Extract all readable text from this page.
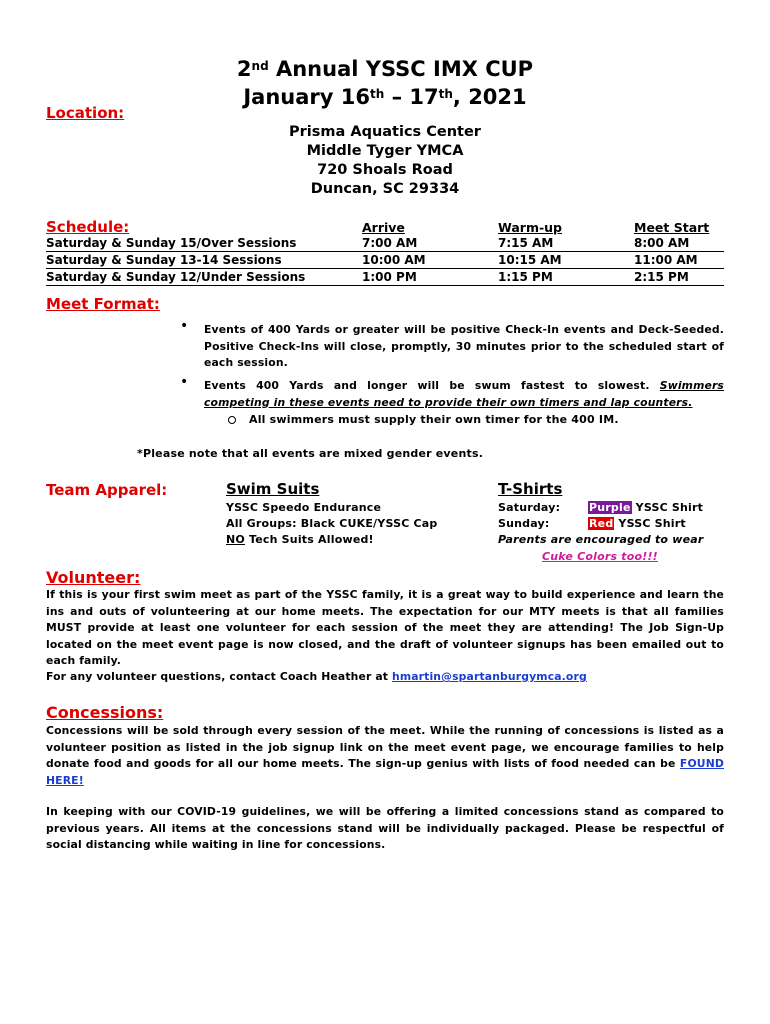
2nd Annual YSSC IMX CUP
January 16th – 17th, 2021
Location:
Prisma Aquatics Center
Middle Tyger YMCA
720 Shoals Road
Duncan, SC 29334
Schedule:	Arrive	Warm-up	Meet Start
Saturday & Sunday 15/Over Sessions	7:00 AM	7:15 AM	8:00 AM
Saturday & Sunday 13-14 Sessions	10:00 AM	10:15 AM	11:00 AM
Saturday & Sunday 12/Under Sessions	1:00 PM	1:15 PM	2:15 PM
Meet Format:
• Events of 400 Yards or greater will be positive Check-In events and Deck-Seeded. Positive Check-Ins will close, promptly, 30 minutes prior to the scheduled start of each session.
• Events 400 Yards and longer will be swum fastest to slowest. Swimmers competing in these events need to provide their own timers and lap counters.
All swimmers must supply their own timer for the 400 IM.
*Please note that all events are mixed gender events.
Team Apparel:	Swim Suits
YSSC Speedo Endurance
All Groups: Black CUKE/YSSC Cap
NO Tech Suits Allowed!
T-Shirts
Saturday:	Purple YSSC Shirt
Sunday:	Red YSSC Shirt
Parents are encouraged to wear
Cuke Colors too!!!
Volunteer:
If this is your first swim meet as part of the YSSC family, it is a great way to build experience and learn the ins and outs of volunteering at our home meets. The expectation for our MTY meets is that all families MUST provide at least one volunteer for each session of the meet they are attending! The Job Sign-Up located on the meet event page is now closed, and the draft of volunteer signups has been emailed out to each family.
For any volunteer questions, contact Coach Heather at hmartin@spartanburgymca.org
Concessions:
Concessions will be sold through every session of the meet. While the running of concessions is listed as a volunteer position as listed in the job signup link on the meet event page, we encourage families to help donate food and goods for all our home meets. The sign-up genius with lists of food needed can be FOUND HERE!
In keeping with our COVID-19 guidelines, we will be offering a limited concessions stand as compared to previous years. All items at the concessions stand will be individually packaged. Please be respectful of social distancing while waiting in line for concessions.
